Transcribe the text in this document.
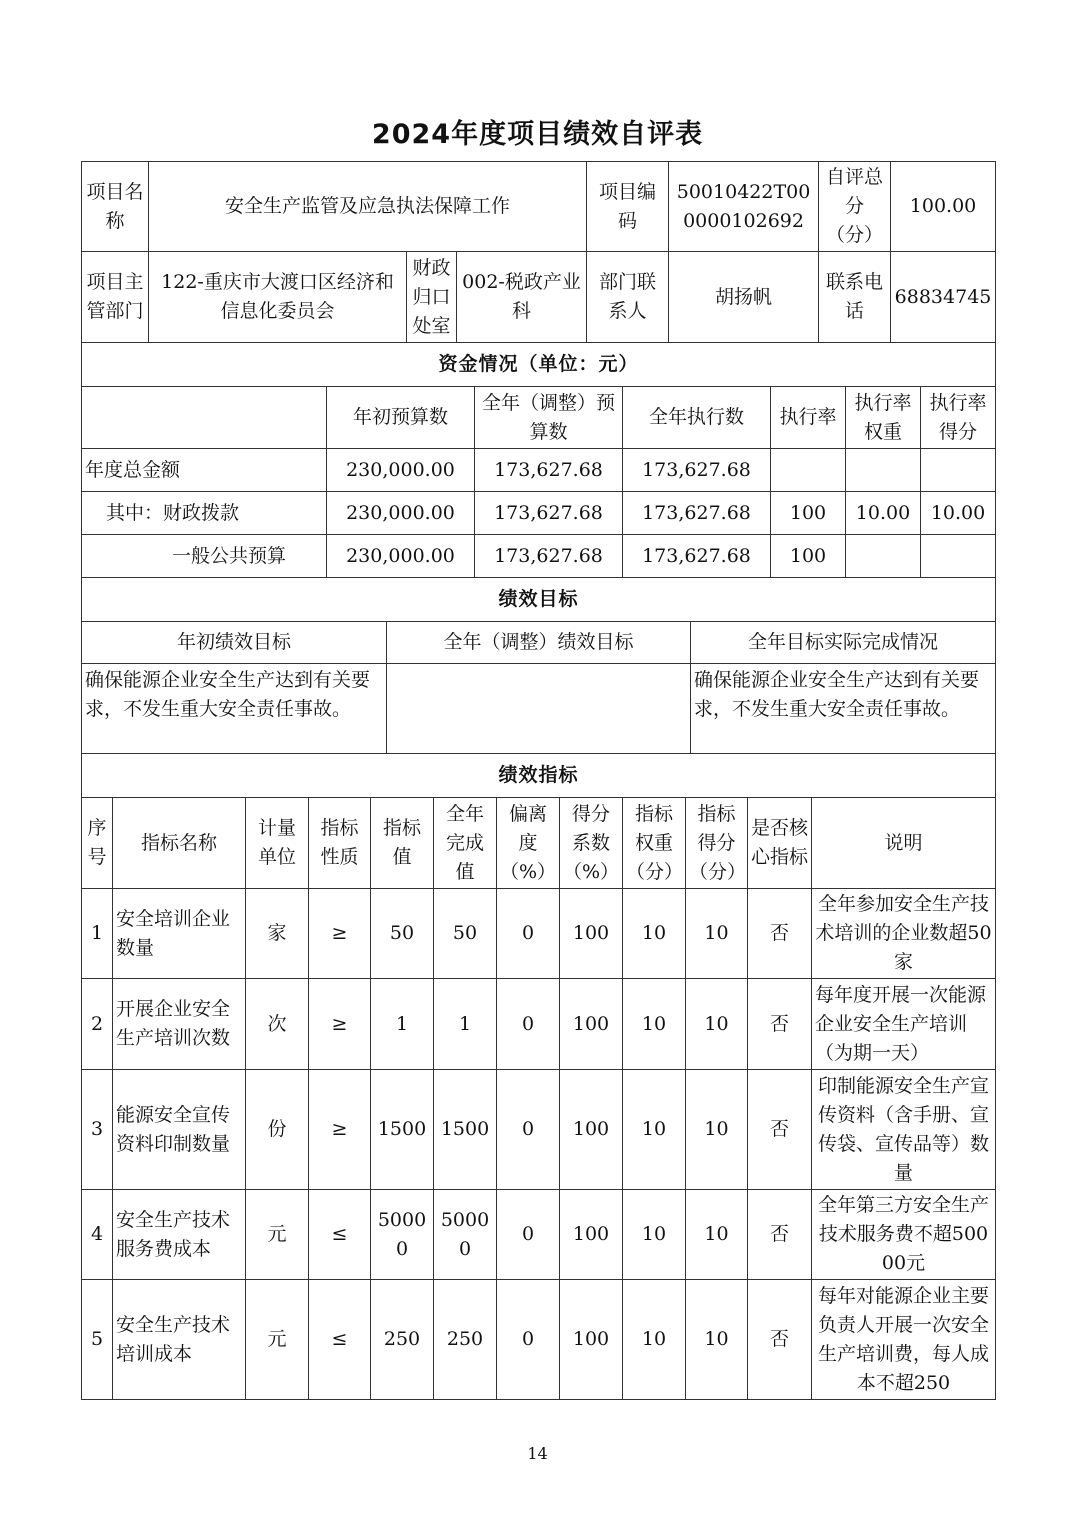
2024年度项目绩效自评表
项目名称	安全生产监管及应急执法保障工作			项目编码	50010422T000000102692	自评总分（分）	100.00
项目主管部门	122-重庆市大渡口区经济和信息化委员会	财政归口处室	002-税政产业科	部门联系人	胡扬帆	联系电话	68834745
资金情况（单位：元）						
	年初预算数	全年（调整）预算数	全年执行数	执行率	执行率权重	执行率得分
年度总金额	230,000.00	173,627.68	173,627.68			
其中：财政拨款	230,000.00	173,627.68	173,627.68	100	10.00	10.00
一般公共预算	230,000.00	173,627.68	173,627.68	100		
绩效目标		
年初绩效目标	全年（调整）绩效目标	全年目标实际完成情况
确保能源企业安全生产达到有关要求，不发生重大安全责任事故。		确保能源企业安全生产达到有关要求，不发生重大安全责任事故。
绩效指标											
序号	指标名称	计量单位	指标性质	指标值	全年完成值	偏离度（%）	得分系数（%）	指标权重（分）	指标得分（分）	是否核心指标	说明
1	安全培训企业数量	家	≥	50	50	0	100	10	10	否	全年参加安全生产技术培训的企业数超50家
2	开展企业安全生产培训次数	次	≥	1	1	0	100	10	10	否	每年度开展一次能源企业安全生产培训（为期一天）
3	能源安全宣传资料印制数量	份	≥	1500	1500	0	100	10	10	否	印制能源安全生产宣传资料（含手册、宣传袋、宣传品等）数量
4	安全生产技术服务费成本	元	≤	50000	50000	0	100	10	10	否	全年第三方安全生产技术服务费不超50000元
5	安全生产技术培训成本	元	≤	250	250	0	100	10	10	否	每年对能源企业主要负责人开展一次安全生产培训费，每人成本不超250
14
